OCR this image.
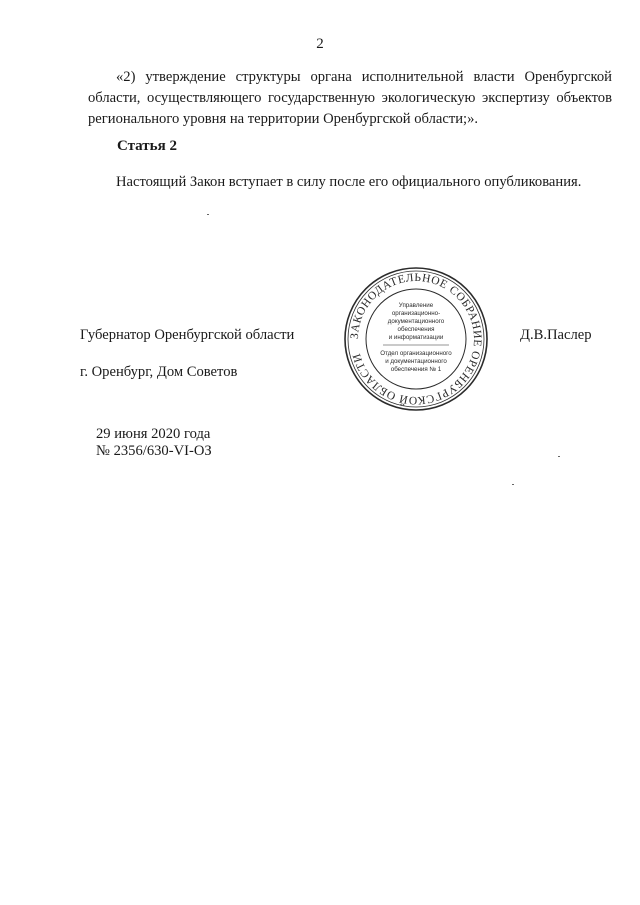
2
«2) утверждение структуры органа исполнительной власти Оренбургской области, осуществляющего государственную экологическую экспертизу объектов регионального уровня на территории Оренбургской области;».
Статья 2
Настоящий Закон вступает в силу после его официального опубликования.
Губернатор Оренбургской области	Д.В.Паслер
г. Оренбург, Дом Советов
29 июня 2020 года
№ 2356/630-VI-ОЗ
ЗАКОНОДАТЕЛЬНОЕ СОБРАНИЕ ОРЕНБУРГСКОЙ ОБЛАСТИ
Управление
организационно-
документационного
обеспечения
и информатизации
Отдел организационного
и документационного
обеспечения № 1
